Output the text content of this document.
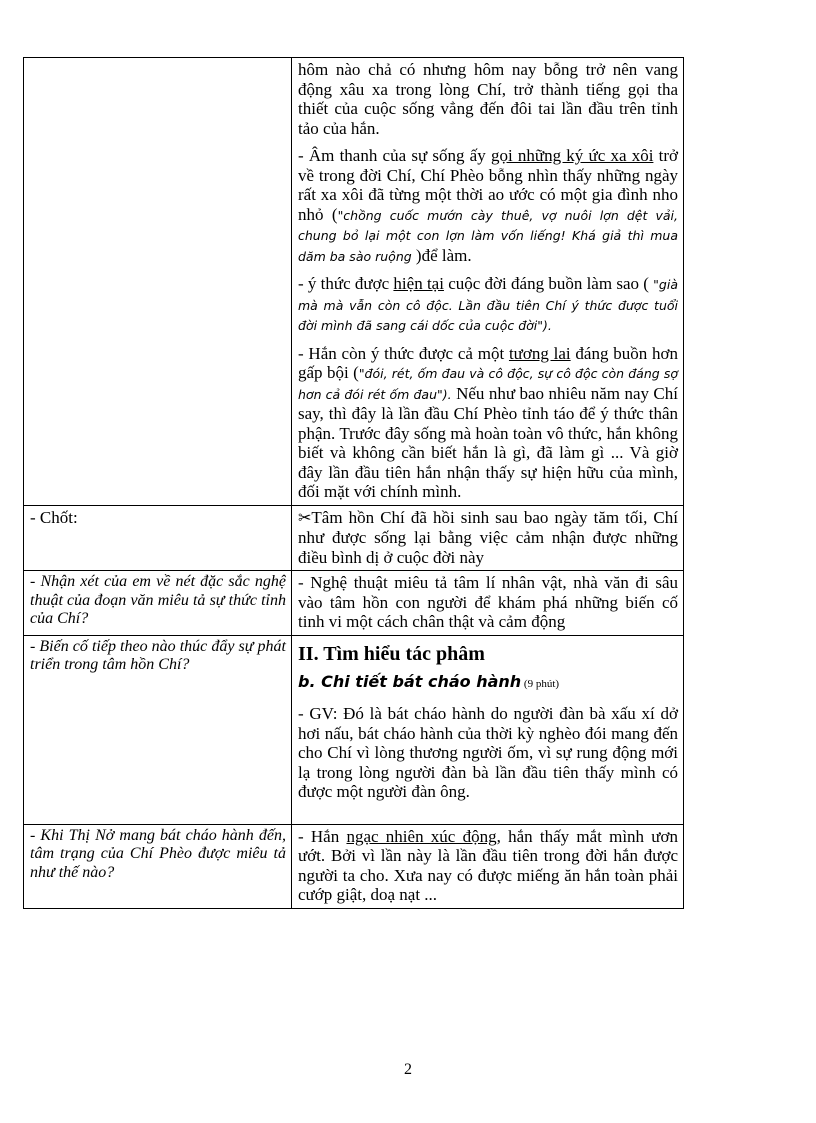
	hôm nào chả có nhưng hôm nay bỗng trở nên vang động xâu xa trong lòng Chí, trở thành tiếng gọi tha thiết của cuộc sống vẳng đến đôi tai lần đầu trên tỉnh tảo của hắn.

- Âm thanh của sự sống ấy gọi những ký ức xa xôi trở về trong đời Chí, Chí Phèo bỗng nhìn thấy những ngày rất xa xôi đã từng một thời ao ước có một gia đình nho nhỏ ("chồng cuốc mướn cày thuê, vợ nuôi lợn dệt vải, chung bỏ lại một con lợn làm vốn liếng! Khá giả thì mua dăm ba sào ruộng )để làm.

- ý thức được hiện tại cuộc đời đáng buồn làm sao ( "già mà mà vẫn còn cô độc. Lần đầu tiên Chí ý thức được tuổi đời mình đã sang cái dốc của cuộc đời").

- Hắn còn ý thức được cả một tương lai đáng buồn hơn gấp bội ("đói, rét, ốm đau và cô độc, sự cô độc còn đáng sợ hơn cả đói rét ốm đau"). Nếu như bao nhiêu năm nay Chí say, thì đây là lần đầu Chí Phèo tỉnh táo để ý thức thân phận. Trước đây sống mà hoàn toàn vô thức, hắn không biết và không cần biết hắn là gì, đã làm gì ... Và giờ đây lần đầu tiên hắn nhận thấy sự hiện hữu của mình, đối mặt với chính mình.

- Chốt:	✂Tâm hồn Chí đã hồi sinh sau bao ngày tăm tối, Chí như được sống lại bằng việc cảm nhận được những điều bình dị ở cuộc đời này

- Nhận xét của em về nét đặc sắc nghệ thuật của đoạn văn miêu tả sự thức tỉnh của Chí?	- Nghệ thuật miêu tả tâm lí nhân vật, nhà văn đi sâu vào tâm hồn con người để khám phá những biến cố tinh vi một cách chân thật và cảm động

- Biến cố tiếp theo nào thúc đẩy sự phát triển trong tâm hồn Chí?	II. Tìm hiểu tác phâm

b. Chi tiết bát cháo hành (9 phút)

- GV: Đó là bát cháo hành do người đàn bà xấu xí dở hơi nấu, bát cháo hành của thời kỳ nghèo đói mang đến cho Chí vì lòng thương người ốm, vì sự rung động mới lạ trong lòng người đàn bà lần đầu tiên thấy mình có được một người đàn ông.

- Khi Thị Nở mang bát cháo hành đến, tâm trạng của Chí Phèo được miêu tả như thế nào?	- Hắn ngạc nhiên xúc động, hắn thấy mắt mình ươn ướt. Bởi vì lần này là lần đầu tiên trong đời hắn được người ta cho. Xưa nay có được miếng ăn hắn toàn phải cướp giật, doạ nạt ...

2
